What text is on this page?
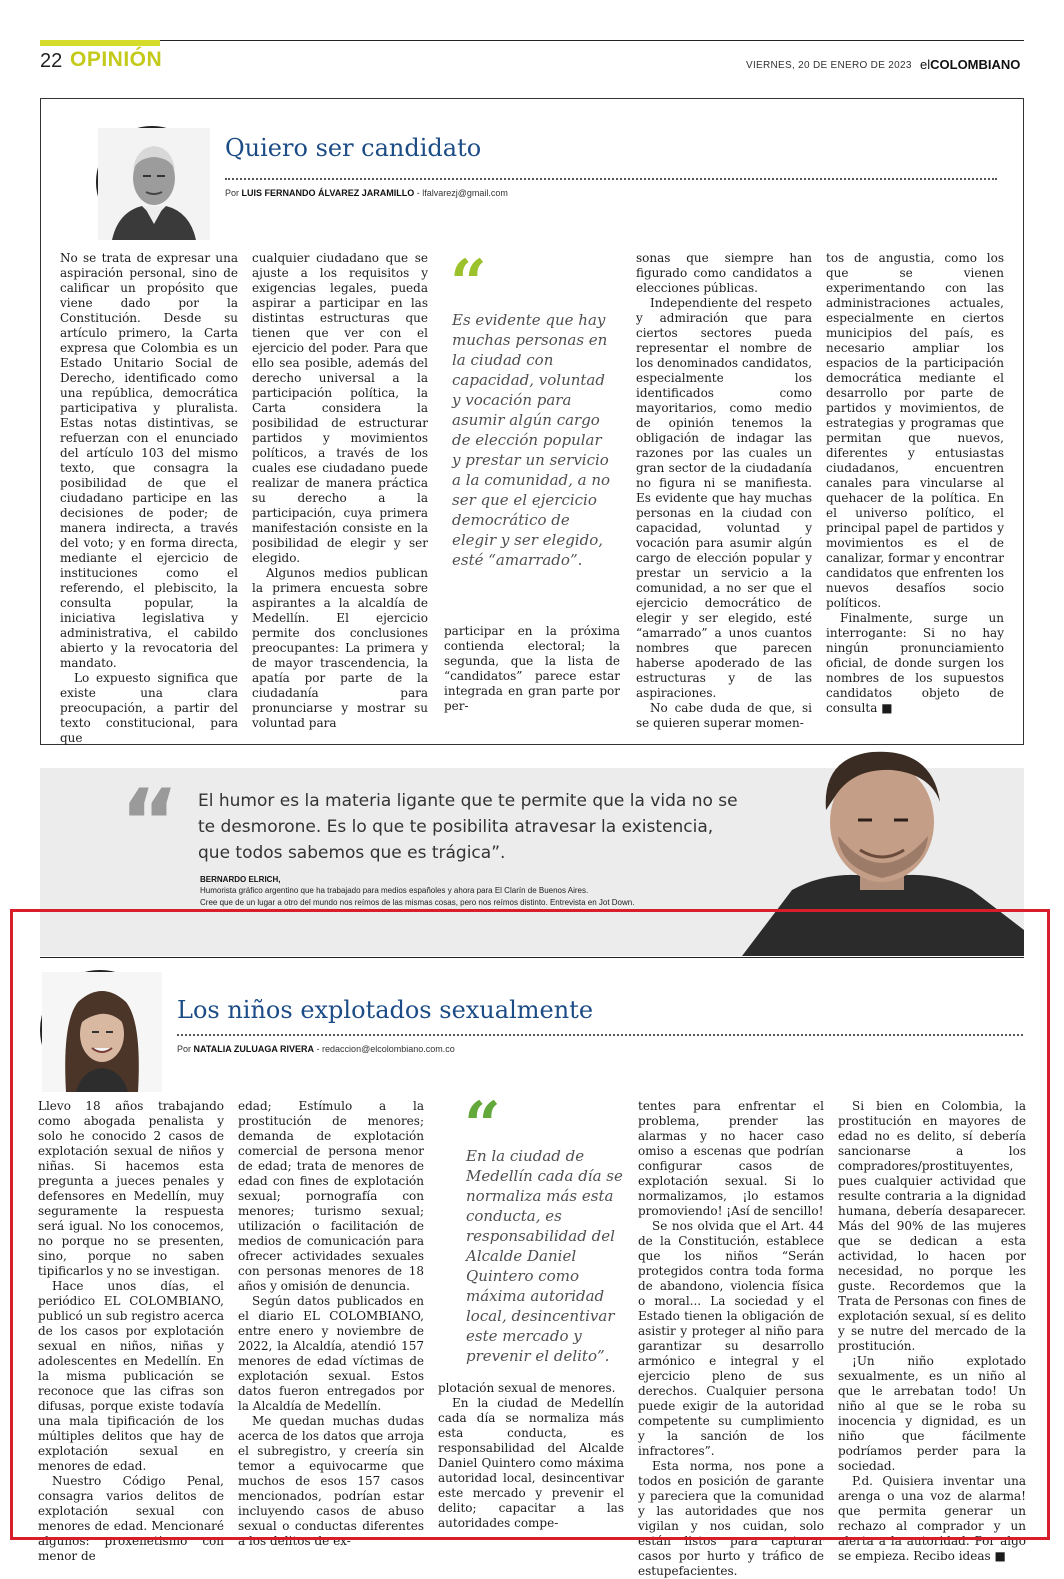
22 OPINIÓN	VIERNES, 20 DE ENERO DE 2023 elCOLOMBIANO
Quiero ser candidato
Por LUIS FERNANDO ÁLVAREZ JARAMILLO - lfalvarezj@gmail.com

No se trata de expresar una aspiración personal, sino de calificar un propósito que viene dado por la Constitución. Desde su artículo primero, la Carta expresa que Colombia es un Estado Unitario Social de Derecho, identificado como una república, democrática participativa y pluralista. Estas notas distintivas, se refuerzan con el enunciado del artículo 103 del mismo texto, que consagra la posibilidad de que el ciudadano participe en las decisiones de poder; de manera indirecta, a través del voto; y en forma directa, mediante el ejercicio de instituciones como el referendo, el plebiscito, la consulta popular, la iniciativa legislativa y administrativa, el cabildo abierto y la revocatoria del mandato.

Lo expuesto significa que existe una clara preocupación, a partir del texto constitucional, para que

cualquier ciudadano que se ajuste a los requisitos y exigencias legales, pueda aspirar a participar en las distintas estructuras que tienen que ver con el ejercicio del poder. Para que ello sea posible, además del derecho universal a la participación política, la Carta considera la posibilidad de estructurar partidos y movimientos políticos, a través de los cuales ese ciudadano puede realizar de manera práctica su derecho a la participación, cuya primera manifestación consiste en la posibilidad de elegir y ser elegido.

Algunos medios publican la primera encuesta sobre aspirantes a la alcaldía de Medellín. El ejercicio permite dos conclusiones preocupantes: La primera y de mayor trascendencia, la apatía por parte de la ciudadanía para pronunciarse y mostrar su voluntad para

“
Es evidente que hay muchas personas en la ciudad con capacidad, voluntad y vocación para asumir algún cargo de elección popular y prestar un servicio a la comunidad, a no ser que el ejercicio democrático de elegir y ser elegido, esté “amarrado”.

participar en la próxima contienda electoral; la segunda, que la lista de “candidatos” parece estar integrada en gran parte por per-

sonas que siempre han figurado como candidatos a elecciones públicas.

Independiente del respeto y admiración que para ciertos sectores pueda representar el nombre de los denominados candidatos, especialmente los identificados como mayoritarios, como medio de opinión tenemos la obligación de indagar las razones por las cuales un gran sector de la ciudadanía no figura ni se manifiesta. Es evidente que hay muchas personas en la ciudad con capacidad, voluntad y vocación para asumir algún cargo de elección popular y prestar un servicio a la comunidad, a no ser que el ejercicio democrático de elegir y ser elegido, esté “amarrado” a unos cuantos nombres que parecen haberse apoderado de las estructuras y de las aspiraciones.

No cabe duda de que, si se quieren superar momen-

tos de angustia, como los que se vienen experimentando con las administraciones actuales, especialmente en ciertos municipios del país, es necesario ampliar los espacios de la participación democrática mediante el desarrollo por parte de partidos y movimientos, de estrategias y programas que permitan que nuevos, diferentes y entusiastas ciudadanos, encuentren canales para vincularse al quehacer de la política. En el universo político, el principal papel de partidos y movimientos es el de canalizar, formar y encontrar candidatos que enfrenten los nuevos desafíos socio políticos.

Finalmente, surge un interrogante: Si no hay ningún pronunciamiento oficial, de donde surgen los nombres de los supuestos candidatos objeto de consulta ■

“ El humor es la materia ligante que te permite que la vida no se te desmorone. Es lo que te posibilita atravesar la existencia, que todos sabemos que es trágica”.
BERNARDO ELRICH,
Humorista gráfico argentino que ha trabajado para medios españoles y ahora para El Clarín de Buenos Aires.
Cree que de un lugar a otro del mundo nos reímos de las mismas cosas, pero nos reímos distinto. Entrevista en Jot Down.
Los niños explotados sexualmente
Por NATALIA ZULUAGA RIVERA - redaccion@elcolombiano.com.co

Llevo 18 años trabajando como abogada penalista y solo he conocido 2 casos de explotación sexual de niños y niñas. Si hacemos esta pregunta a jueces penales y defensores en Medellín, muy seguramente la respuesta será igual. No los conocemos, no porque no se presenten, sino, porque no saben tipificarlos y no se investigan.

Hace unos días, el periódico EL COLOMBIANO, publicó un sub registro acerca de los casos por explotación sexual en niños, niñas y adolescentes en Medellín. En la misma publicación se reconoce que las cifras son difusas, porque existe todavía una mala tipificación de los múltiples delitos que hay de explotación sexual en menores de edad.

Nuestro Código Penal, consagra varios delitos de explotación sexual con menores de edad. Mencionaré algunos: proxenetismo con menor de

edad; Estímulo a la prostitución de menores; demanda de explotación comercial de persona menor de edad; trata de menores de edad con fines de explotación sexual; pornografía con menores; turismo sexual; utilización o facilitación de medios de comunicación para ofrecer actividades sexuales con personas menores de 18 años y omisión de denuncia.

Según datos publicados en el diario EL COLOMBIANO, entre enero y noviembre de 2022, la Alcaldía, atendió 157 menores de edad víctimas de explotación sexual. Estos datos fueron entregados por la Alcaldía de Medellín.

Me quedan muchas dudas acerca de los datos que arroja el subregistro, y creería sin temor a equivocarme que muchos de esos 157 casos mencionados, podrían estar incluyendo casos de abuso sexual o conductas diferentes a los delitos de ex-

“
En la ciudad de Medellín cada día se normaliza más esta conducta, es responsabilidad del Alcalde Daniel Quintero como máxima autoridad local, desincentivar este mercado y prevenir el delito”.

plotación sexual de menores.

En la ciudad de Medellín cada día se normaliza más esta conducta, es responsabilidad del Alcalde Daniel Quintero como máxima autoridad local, desincentivar este mercado y prevenir el delito; capacitar a las autoridades compe-

tentes para enfrentar el problema, prender las alarmas y no hacer caso omiso a escenas que podrían configurar casos de explotación sexual. Si lo normalizamos, ¡lo estamos promoviendo! ¡Así de sencillo!

Se nos olvida que el Art. 44 de la Constitución, establece que los niños “Serán protegidos contra toda forma de abandono, violencia física o moral... La sociedad y el Estado tienen la obligación de asistir y proteger al niño para garantizar su desarrollo armónico e integral y el ejercicio pleno de sus derechos. Cualquier persona puede exigir de la autoridad competente su cumplimiento y la sanción de los infractores”.

Esta norma, nos pone a todos en posición de garante y pareciera que la comunidad y las autoridades que nos vigilan y nos cuidan, solo están listos para capturar casos por hurto y tráfico de estupefacientes.

Si bien en Colombia, la prostitución en mayores de edad no es delito, sí debería sancionarse a los compradores/prostituyentes, pues cualquier actividad que resulte contraria a la dignidad humana, debería desaparecer. Más del 90% de las mujeres que se dedican a esta actividad, lo hacen por necesidad, no porque les guste. Recordemos que la Trata de Personas con fines de explotación sexual, sí es delito y se nutre del mercado de la prostitución.

¡Un niño explotado sexualmente, es un niño al que le arrebatan todo! Un niño al que se le roba su inocencia y dignidad, es un niño que fácilmente podríamos perder para la sociedad.

P.d. Quisiera inventar una arenga o una voz de alarma! que permita generar un rechazo al comprador y un alerta a la autoridad. Por algo se empieza. Recibo ideas ■
